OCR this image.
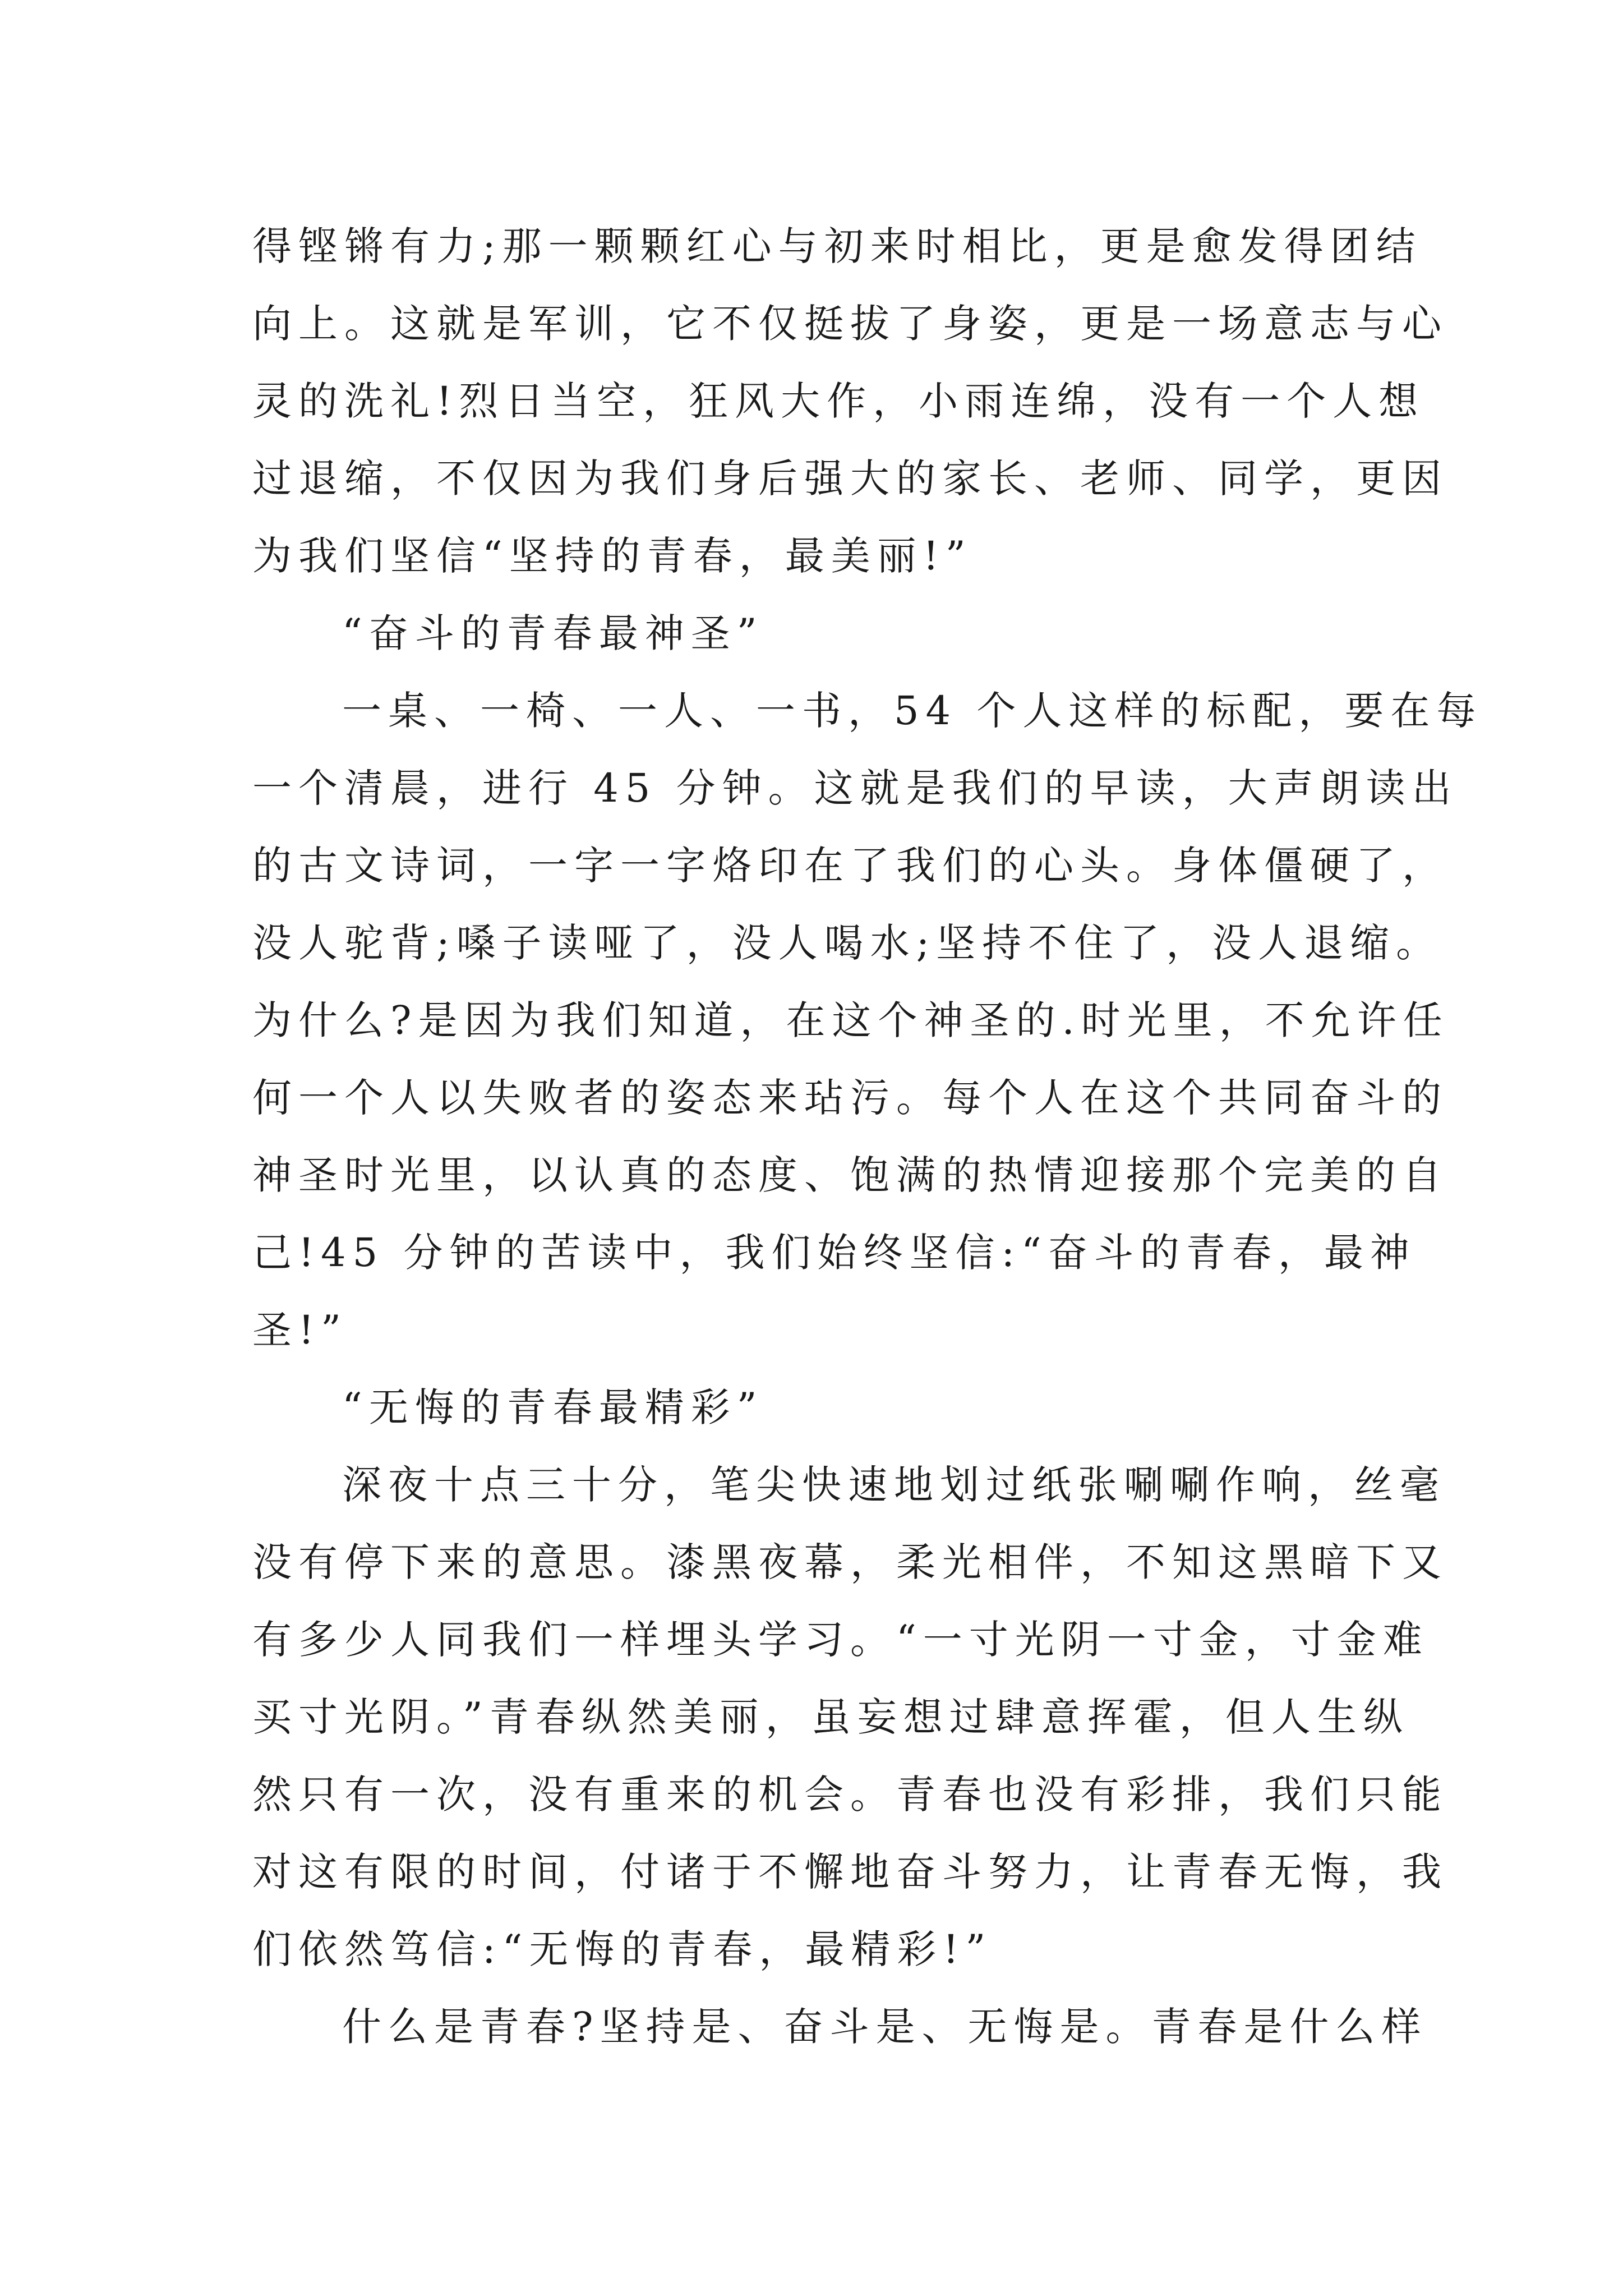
得铿锵有力;那一颗颗红心与初来时相比，更是愈发得团结
向上。这就是军训，它不仅挺拔了身姿，更是一场意志与心
灵的洗礼!烈日当空，狂风大作，小雨连绵，没有一个人想
过退缩，不仅因为我们身后强大的家长、老师、同学，更因
为我们坚信“坚持的青春，最美丽!”
“奋斗的青春最神圣”
一桌、一椅、一人、一书，54 个人这样的标配，要在每
一个清晨，进行 45 分钟。这就是我们的早读，大声朗读出
的古文诗词，一字一字烙印在了我们的心头。身体僵硬了，
没人驼背;嗓子读哑了，没人喝水;坚持不住了，没人退缩。
为什么?是因为我们知道，在这个神圣的.时光里，不允许任
何一个人以失败者的姿态来玷污。每个人在这个共同奋斗的
神圣时光里，以认真的态度、饱满的热情迎接那个完美的自
己!45 分钟的苦读中，我们始终坚信:“奋斗的青春，最神
圣!”
“无悔的青春最精彩”
深夜十点三十分，笔尖快速地划过纸张唰唰作响，丝毫
没有停下来的意思。漆黑夜幕，柔光相伴，不知这黑暗下又
有多少人同我们一样埋头学习。“一寸光阴一寸金，寸金难
买寸光阴。”青春纵然美丽，虽妄想过肆意挥霍，但人生纵
然只有一次，没有重来的机会。青春也没有彩排，我们只能
对这有限的时间，付诸于不懈地奋斗努力，让青春无悔，我
们依然笃信:“无悔的青春，最精彩!”
什么是青春?坚持是、奋斗是、无悔是。青春是什么样
